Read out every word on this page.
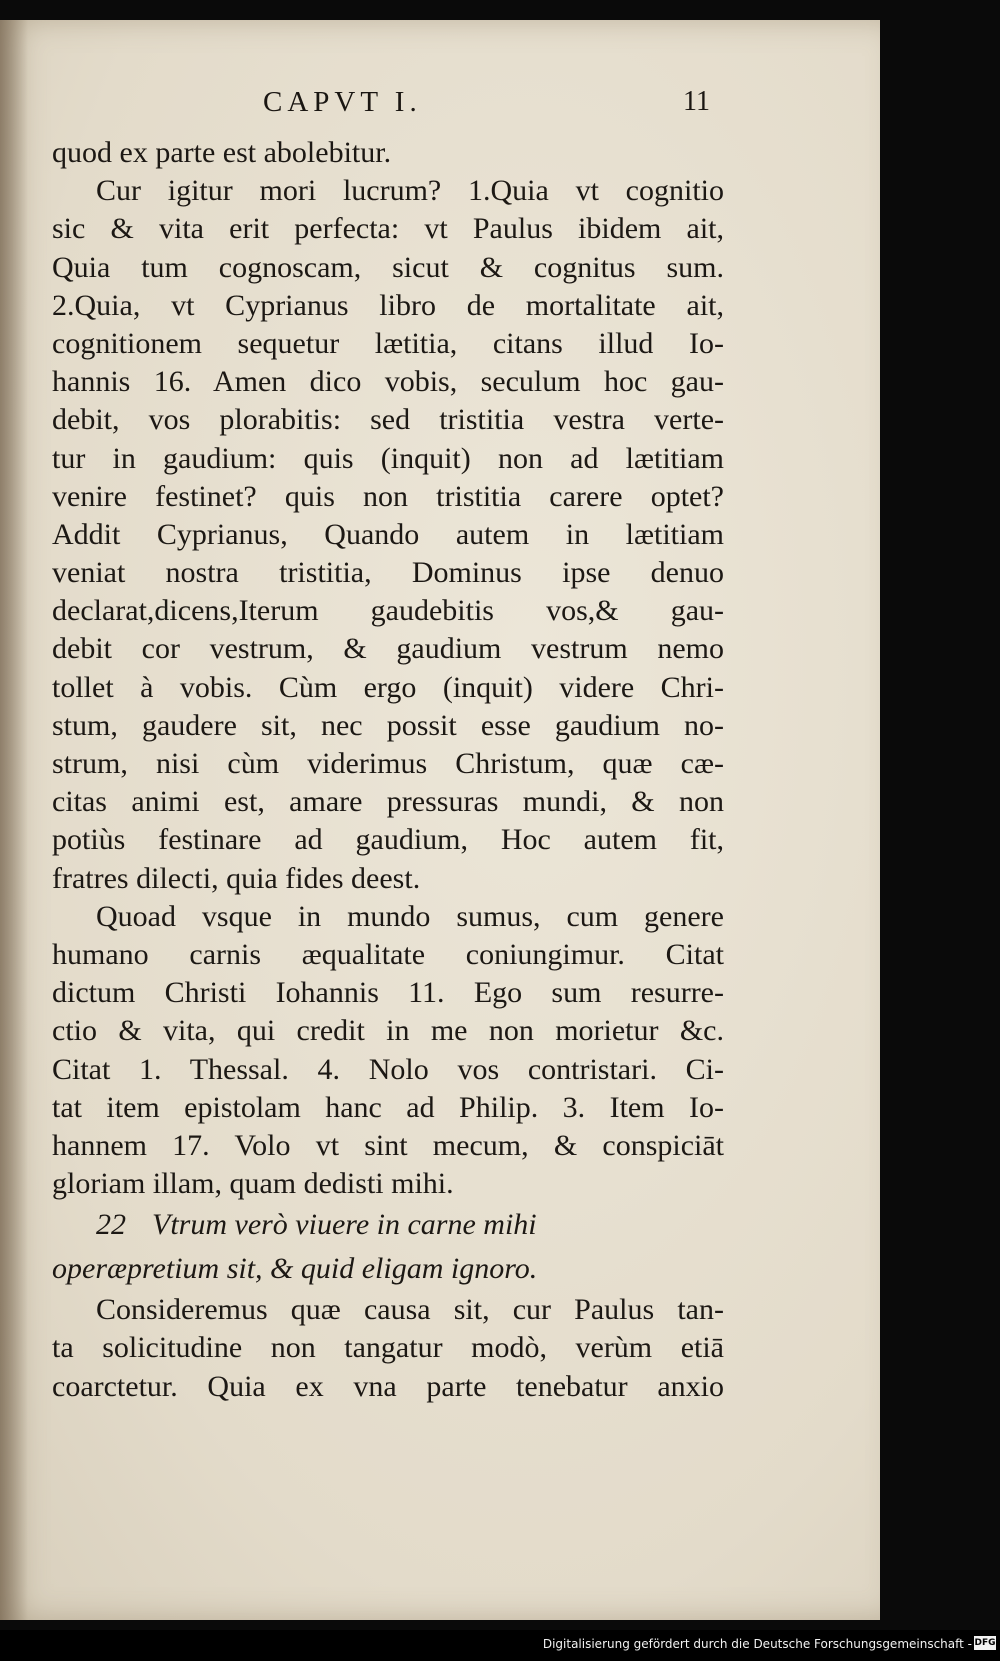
CAPVT I.	11
quod ex parte est abolebitur.
Cur igitur mori lucrum? 1.Quia vt cognitio
sic & vita erit perfecta: vt Paulus ibidem ait,
Quia tum cognoscam, sicut & cognitus sum.
2.Quia, vt Cyprianus libro de mortalitate ait,
cognitionem sequetur lætitia, citans illud Io-
hannis 16. Amen dico vobis, seculum hoc gau-
debit, vos plorabitis: sed tristitia vestra verte-
tur in gaudium: quis (inquit) non ad lætitiam
venire festinet? quis non tristitia carere optet?
Addit Cyprianus, Quando autem in lætitiam
veniat nostra tristitia, Dominus ipse denuo
declarat,dicens,Iterum gaudebitis vos,& gau-
debit cor vestrum, & gaudium vestrum nemo
tollet à vobis. Cùm ergo (inquit) videre Chri-
stum, gaudere sit, nec possit esse gaudium no-
strum, nisi cùm viderimus Christum, quæ cæ-
citas animi est, amare pressuras mundi, & non
potiùs festinare ad gaudium, Hoc autem fit,
fratres dilecti, quia fides deest.
Quoad vsque in mundo sumus, cum genere
humano carnis æqualitate coniungimur. Citat
dictum Christi Iohannis 11. Ego sum resurre-
ctio & vita, qui credit in me non morietur &c.
Citat 1. Thessal. 4. Nolo vos contristari. Ci-
tat item epistolam hanc ad Philip. 3. Item Io-
hannem 17. Volo vt sint mecum, & conspiciāt
gloriam illam, quam dedisti mihi.
22 Vtrum verò viuere in carne mihi
operæpretium sit, & quid eligam ignoro.
Consideremus quæ causa sit, cur Paulus tan-
ta solicitudine non tangatur modò, verùm etiā
coarctetur. Quia ex vna parte tenebatur anxio
Digitalisierung gefördert durch die Deutsche Forschungsgemeinschaft - DFG
